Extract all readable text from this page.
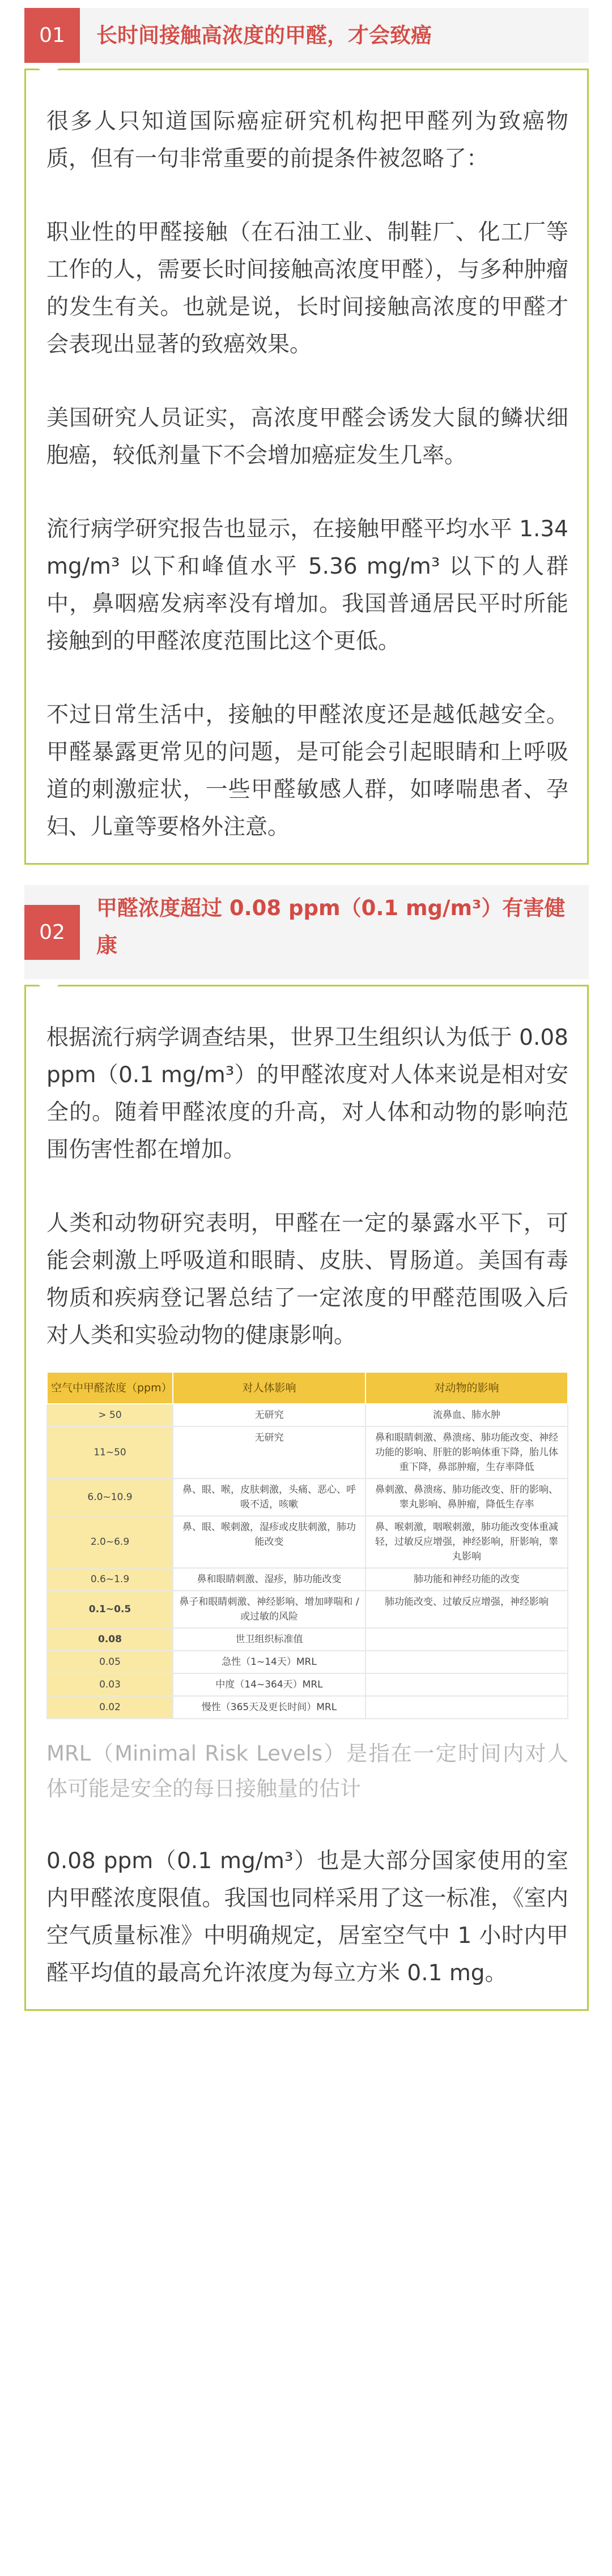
01	长时间接触高浓度的甲醛，才会致癌

很多人只知道国际癌症研究机构把甲醛列为致癌物质，但有一句非常重要的前提条件被忽略了：

职业性的甲醛接触（在石油工业、制鞋厂、化工厂等工作的人，需要长时间接触高浓度甲醛），与多种肿瘤的发生有关。也就是说，长时间接触高浓度的甲醛才会表现出显著的致癌效果。

美国研究人员证实，高浓度甲醛会诱发大鼠的鳞状细胞癌，较低剂量下不会增加癌症发生几率。

流行病学研究报告也显示，在接触甲醛平均水平 1.34 mg/m³ 以下和峰值水平 5.36 mg/m³ 以下的人群中，鼻咽癌发病率没有增加。我国普通居民平时所能接触到的甲醛浓度范围比这个更低。

不过日常生活中，接触的甲醛浓度还是越低越安全。甲醛暴露更常见的问题，是可能会引起眼睛和上呼吸道的刺激症状，一些甲醛敏感人群，如哮喘患者、孕妇、儿童等要格外注意。

02
甲醛浓度超过 0.08 ppm（0.1 mg/m³）有害健康

根据流行病学调查结果，世界卫生组织认为低于 0.08 ppm（0.1 mg/m³）的甲醛浓度对人体来说是相对安全的。随着甲醛浓度的升高，对人体和动物的影响范围伤害性都在增加。

人类和动物研究表明，甲醛在一定的暴露水平下，可能会刺激上呼吸道和眼睛、皮肤、胃肠道。美国有毒物质和疾病登记署总结了一定浓度的甲醛范围吸入后对人类和实验动物的健康影响。

空气中甲醛浓度（ppm）	对人体影响	对动物的影响
> 50	无研究	流鼻血、肺水肿
11~50	无研究	鼻和眼睛刺激、鼻溃疡、肺功能改变、神经功能的影响、肝脏的影响体重下降，胎儿体重下降，鼻部肿瘤，生存率降低
6.0~10.9	鼻、眼、喉，皮肤刺激，头痛、恶心、呼吸不适，咳嗽	鼻刺激、鼻溃疡、肺功能改变、肝的影响、睾丸影响、鼻肿瘤，降低生存率
2.0~6.9	鼻、眼、喉刺激，湿疹或皮肤刺激，肺功能改变	鼻、喉刺激，咽喉刺激，肺功能改变体重减轻，过敏反应增强，神经影响，肝影响，睾丸影响
0.6~1.9	鼻和眼睛刺激、湿疹，肺功能改变	肺功能和神经功能的改变
0.1~0.5	鼻子和眼睛刺激、神经影响、增加哮喘和 / 或过敏的风险	肺功能改变、过敏反应增强，神经影响
0.08	世卫组织标准值	
0.05	急性（1~14天）MRL	
0.03	中度（14~364天）MRL	
0.02	慢性（365天及更长时间）MRL	
MRL（Minimal Risk Levels）是指在一定时间内对人体可能是安全的每日接触量的估计

0.08 ppm（0.1 mg/m³）也是大部分国家使用的室内甲醛浓度限值。我国也同样采用了这一标准，《室内空气质量标准》中明确规定，居室空气中 1 小时内甲醛平均值的最高允许浓度为每立方米 0.1 mg。
